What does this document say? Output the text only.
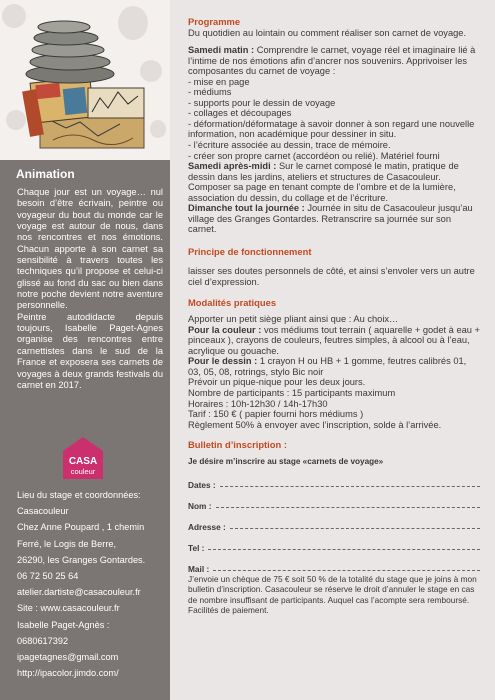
Animation

Chaque jour est un voyage… nul besoin d’être écrivain, peintre ou voyageur du bout du monde car le voyage est autour de nous, dans nos rencontres et nos émotions. Chacun apporte à son carnet sa sensibilité à travers toutes les techniques qu’il propose et celui-ci glissé au fond du sac ou bien dans notre poche devient notre aventure personnelle.

Peintre autodidacte depuis toujours, Isabelle Paget-Agnes organise des rencontres entre carnettistes dans le sud de la France et exposera ses carnets de voyages à deux grands festivals du carnet en 2017.

CASA
couleur
Lieu du stage et coordonnées:
Casacouleur
Chez Anne Poupard , 1 chemin
Ferré, le Logis de Berre,
26290, les Granges Gontardes.
06 72 50 25 64
atelier.dartiste@casacouleur.fr
Site : www.casacouleur.fr
Isabelle Paget-Agnès :
0680617392
ipagetagnes@gmail.com
http://ipacolor.jimdo.com/
Programme

Du quotidien au lointain ou comment réaliser son carnet de voyage.

Samedi matin : Comprendre le carnet, voyage réel et imaginaire lié à l’intime de nos émotions afin d’ancrer nos souvenirs. Apprivoiser les composantes du carnet de voyage :

- mise en page

- médiums

- supports pour le dessin de voyage

- collages et découpages

- déformation/déformatage à savoir donner à son regard une nouvelle information, non académique pour dessiner in situ.

- l’écriture associée au dessin, trace de mémoire.

- créer son propre carnet (accordéon ou relié). Matériel fourni

Samedi après-midi : Sur le carnet composé le matin, pratique de dessin dans les jardins, ateliers et structures de Casacouleur. Composer sa page en tenant compte de l’ombre et de la lumière, association du dessin, du collage et de l’écriture.

Dimanche tout la journée : Journée in situ de Casacouleur jusqu’au village des Granges Gontardes. Retranscrire sa journée sur son carnet.

Principe de fonctionnement

laisser ses doutes personnels de côté, et ainsi s’envoler vers un autre ciel d’expression.

Modalités pratiques

Apporter un petit siège pliant ainsi que : Au choix…

Pour la couleur : vos médiums tout terrain ( aquarelle + godet à eau + pinceaux ), crayons de couleurs, feutres simples, à alcool ou à l’eau, acrylique ou gouache.

Pour le dessin : 1 crayon H ou HB + 1 gomme, feutres calibrés 01, 03, 05, 08, rotrings, stylo Bic noir

Prévoir un pique-nique pour les deux jours.

Nombre de participants : 15 participants maximum

Horaires : 10h-12h30 / 14h-17h30

Tarif : 150 € ( papier fourni hors médiums )

Règlement 50% à envoyer avec l’inscription, solde à l’arrivée.

Bulletin d’inscription :
Je désire m’inscrire au stage «carnets de voyage»
Dates :
Nom :
Adresse :
Tel :
Mail :

J’envoie un chèque de 75 € soit 50 % de la totalité du stage que je joins à mon bulletin d’inscription. Casacouleur se réserve le droit d’annuler le stage en cas de nombre insuffisant de participants. Auquel cas l’acompte sera remboursé. Facilités de paiement.
